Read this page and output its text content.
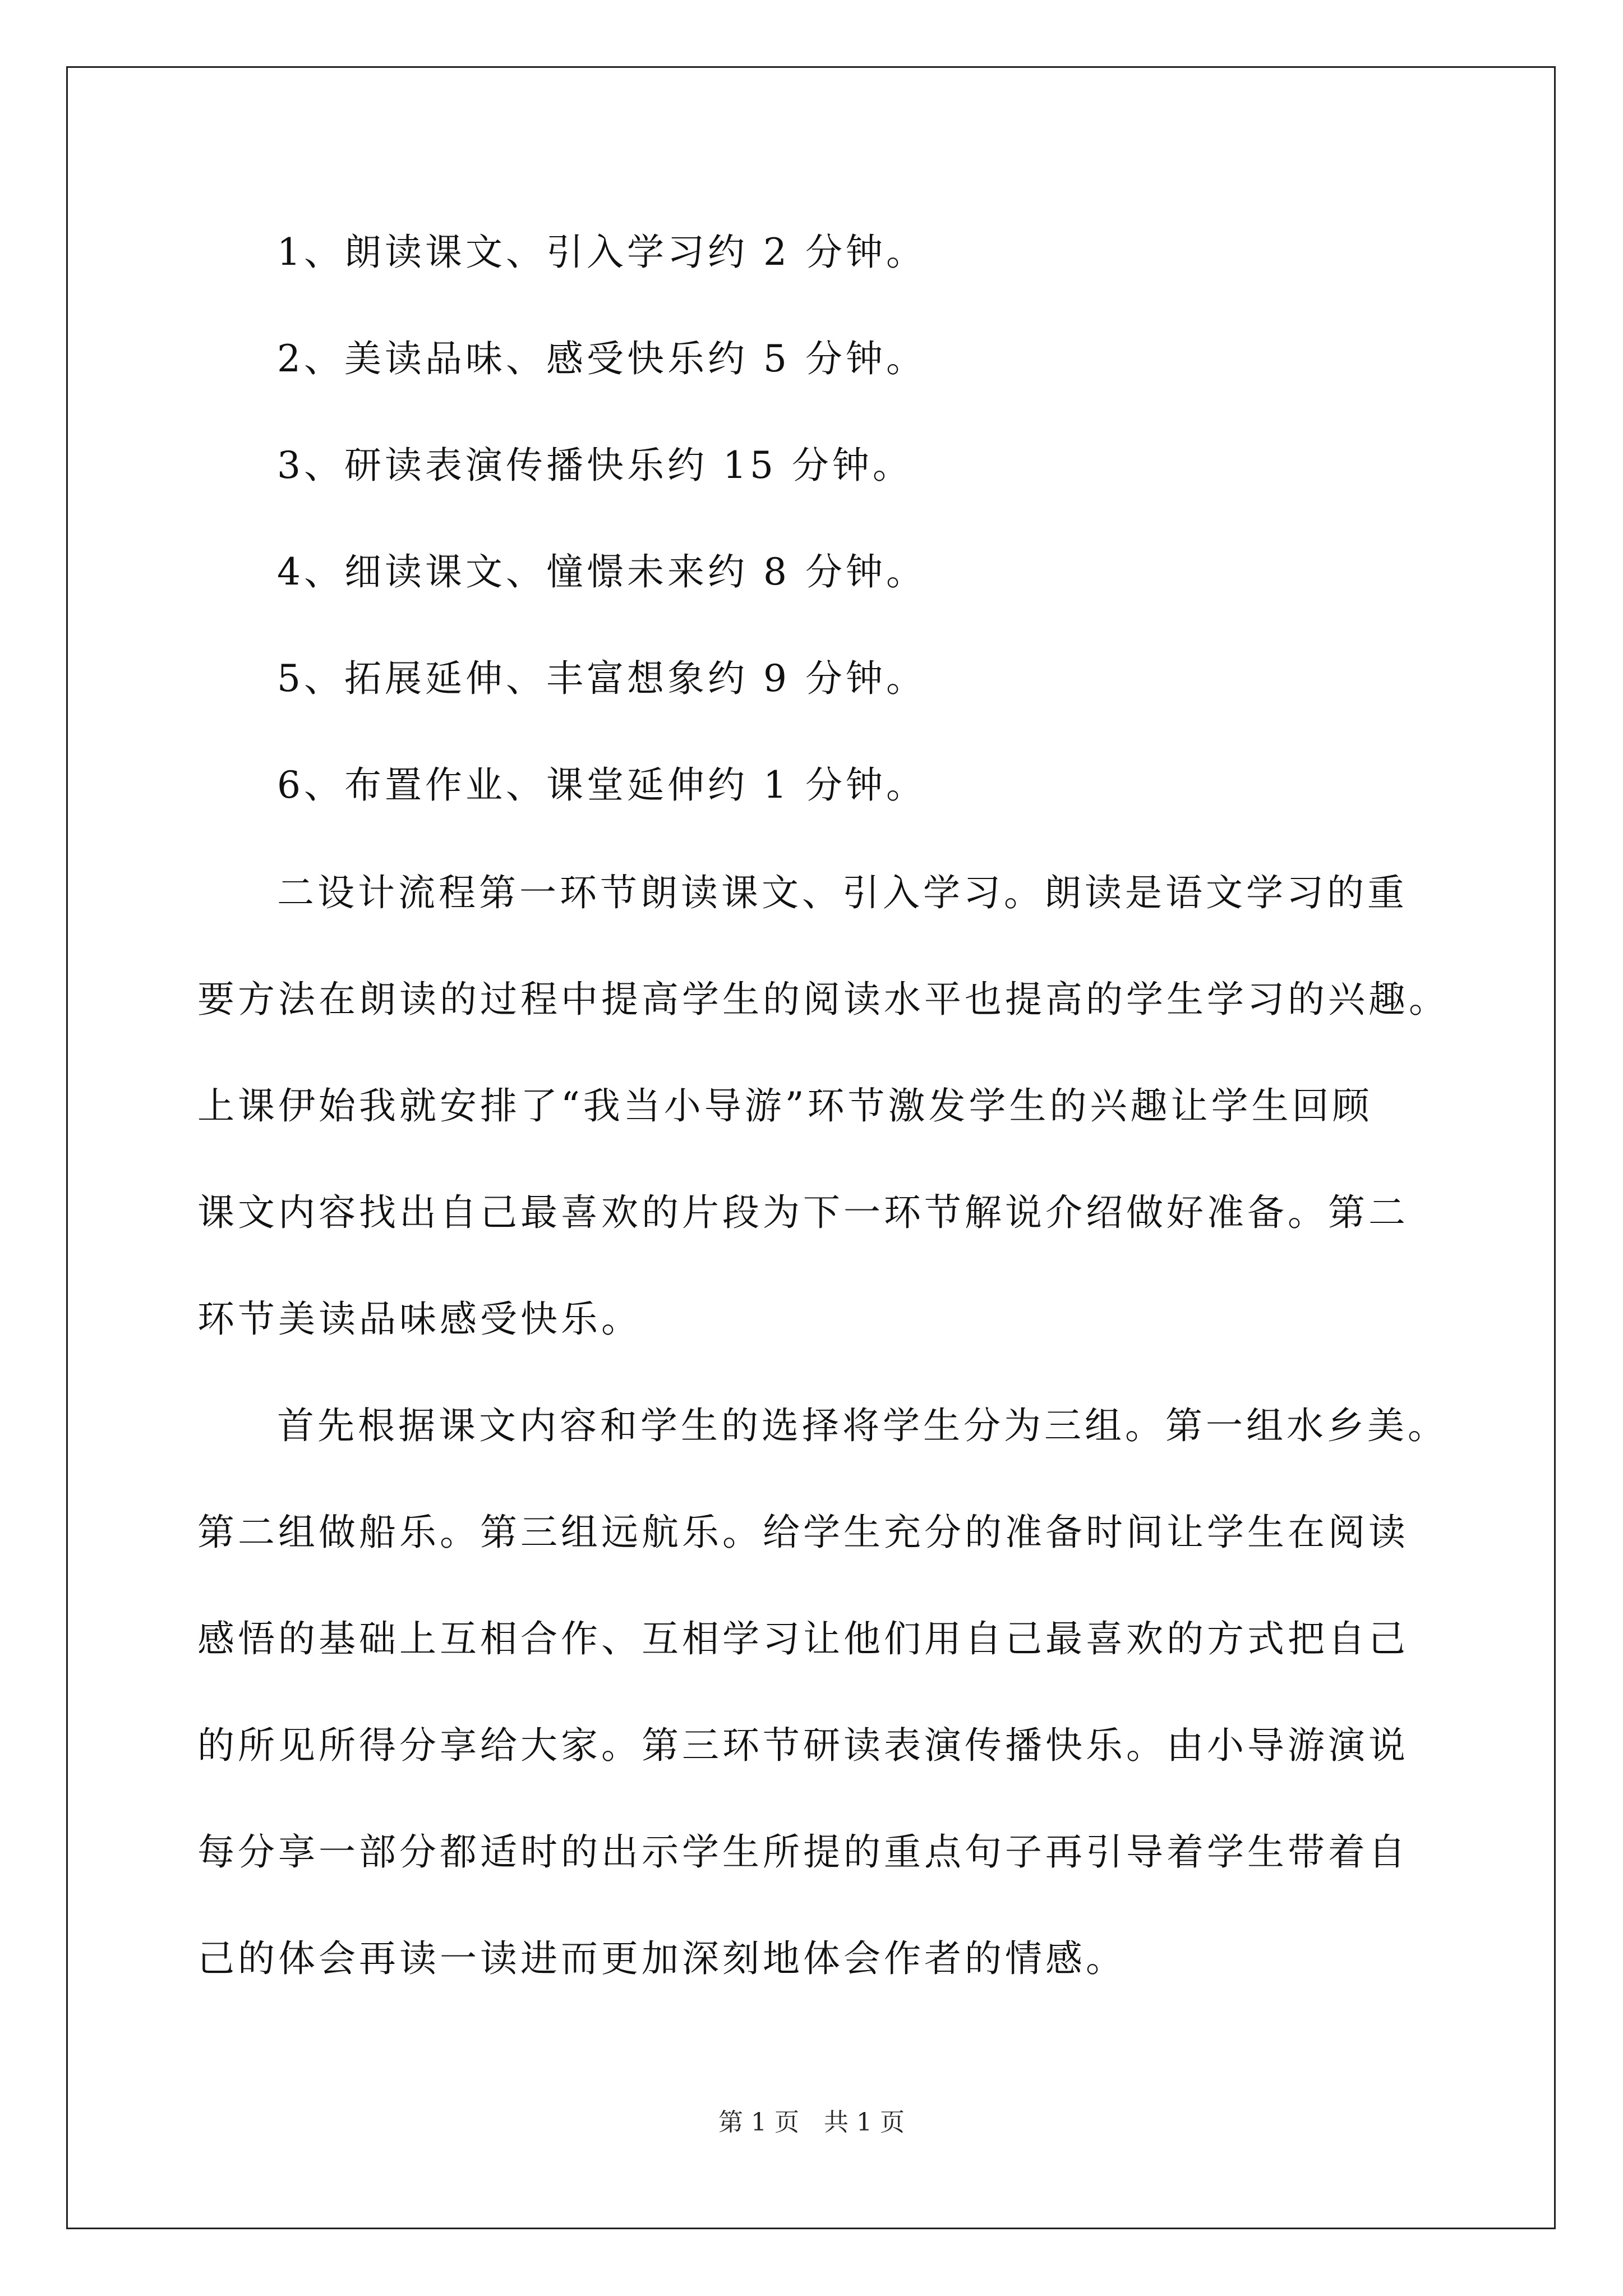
1、朗读课文、引入学习约 2 分钟。
2、美读品味、感受快乐约 5 分钟。
3、研读表演传播快乐约 15 分钟。
4、细读课文、憧憬未来约 8 分钟。
5、拓展延伸、丰富想象约 9 分钟。
6、布置作业、课堂延伸约 1 分钟。
二设计流程第一环节朗读课文、引入学习。朗读是语文学习的重
要方法在朗读的过程中提高学生的阅读水平也提高的学生学习的兴趣。
上课伊始我就安排了“我当小导游”环节激发学生的兴趣让学生回顾
课文内容找出自己最喜欢的片段为下一环节解说介绍做好准备。第二
环节美读品味感受快乐。
首先根据课文内容和学生的选择将学生分为三组。第一组水乡美。
第二组做船乐。第三组远航乐。给学生充分的准备时间让学生在阅读
感悟的基础上互相合作、互相学习让他们用自己最喜欢的方式把自己
的所见所得分享给大家。第三环节研读表演传播快乐。由小导游演说
每分享一部分都适时的出示学生所提的重点句子再引导着学生带着自
己的体会再读一读进而更加深刻地体会作者的情感。
第 1 页　共 1 页
